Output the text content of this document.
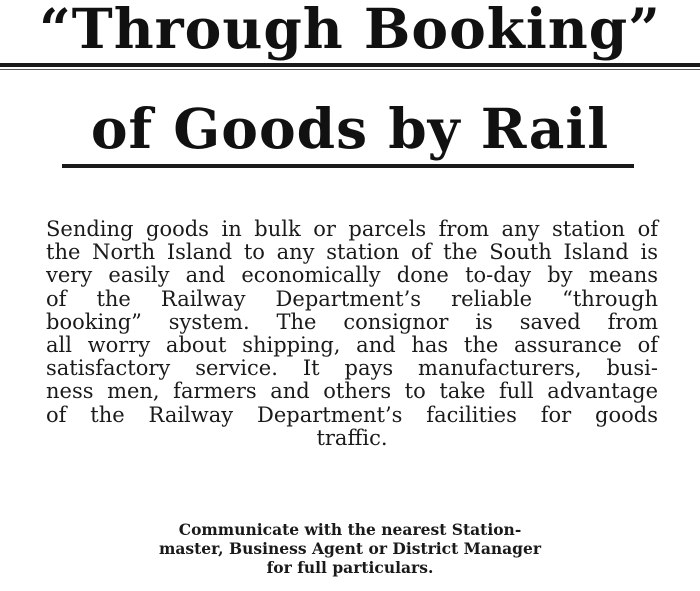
“Through Booking”
of Goods by Rail
Sending goods in bulk or parcels from any station of
the North Island to any station of the South Island is
very easily and economically done to-day by means
of the Railway Department’s reliable “through
booking” system. The consignor is saved from
all worry about shipping, and has the assurance of
satisfactory service. It pays manufacturers, busi-
ness men, farmers and others to take full advantage
of the Railway Department’s facilities for goods
traffic.
Communicate with the nearest Station-
master, Business Agent or District Manager
for full particulars.
